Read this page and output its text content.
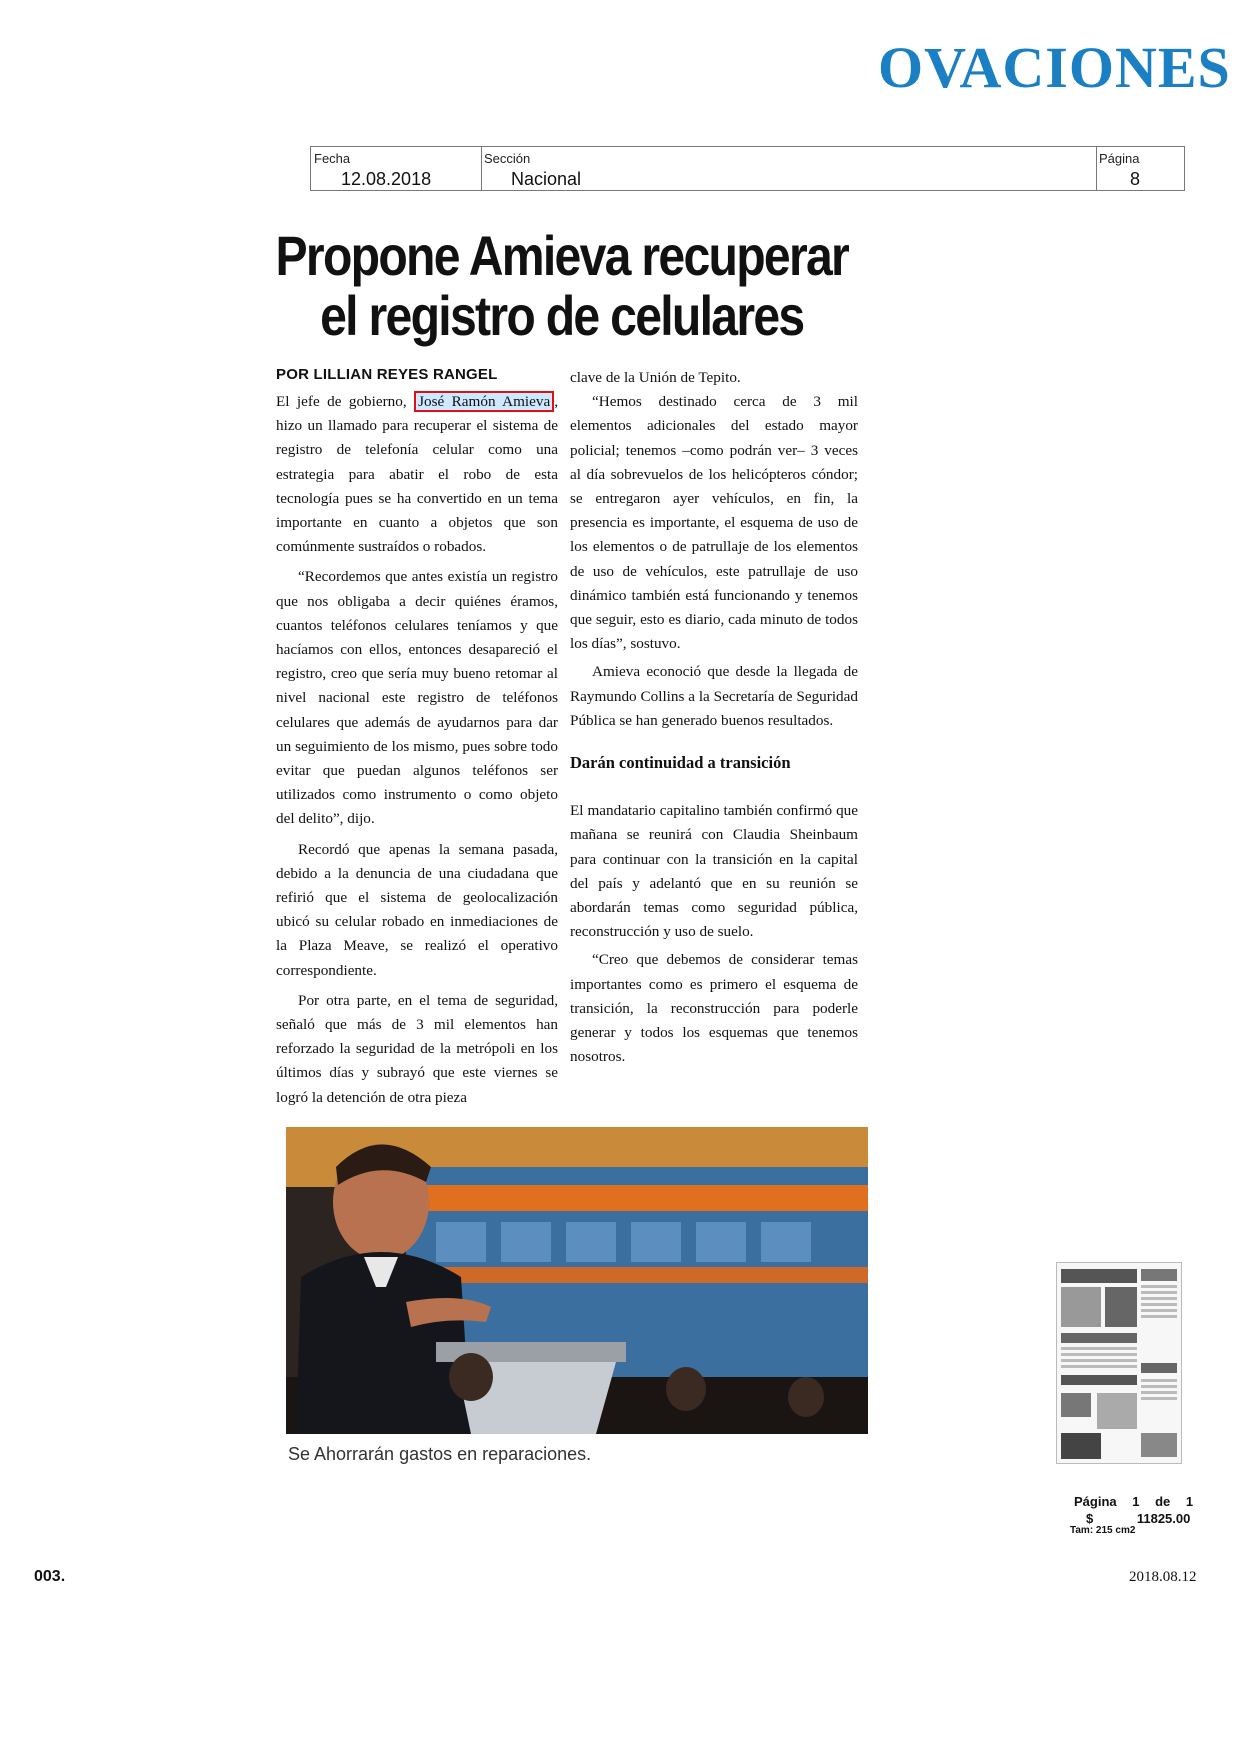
OVACIONES
Fecha
12.08.2018
Sección
Nacional
Página
8
Propone Amieva recuperar
el registro de celulares
POR LILLIAN REYES RANGEL

El jefe de gobierno, José Ramón Amieva , hizo un llamado para recuperar el sistema de registro de telefonía celular como una estrategia para abatir el robo de esta tecnología pues se ha convertido en un tema importante en cuanto a objetos que son comúnmente sustraídos o robados.

“Recordemos que antes existía un registro que nos obligaba a decir quiénes éramos, cuantos teléfonos celulares teníamos y que hacíamos con ellos, entonces desapareció el registro, creo que sería muy bueno retomar al nivel nacional este registro de teléfonos celulares que además de ayudarnos para dar un seguimiento de los mismo, pues sobre todo evitar que puedan algunos teléfonos ser utilizados como instrumento o como objeto del delito”, dijo.

Recordó que apenas la semana pasada, debido a la denuncia de una ciudadana que refirió que el sistema de geolocalización ubicó su celular robado en inmediaciones de la Plaza Meave, se realizó el operativo correspondiente.

Por otra parte, en el tema de seguridad, señaló que más de 3 mil elementos han reforzado la seguridad de la metrópoli en los últimos días y subrayó que este viernes se logró la detención de otra pieza

clave de la Unión de Tepito.

“Hemos destinado cerca de 3 mil elementos adicionales del estado mayor policial; tenemos –como podrán ver– 3 veces al día sobrevuelos de los helicópteros cóndor; se entregaron ayer vehículos, en fin, la presencia es importante, el esquema de uso de los elementos o de patrullaje de los elementos de uso de vehículos, este patrullaje de uso dinámico también está funcionando y tenemos que seguir, esto es diario, cada minuto de todos los días”, sostuvo.

Amieva econoció que desde la llegada de Raymundo Collins a la Secretaría de Seguridad Pública se han generado buenos resultados.

Darán continuidad a transición

El mandatario capitalino también confirmó que mañana se reunirá con Claudia Sheinbaum para continuar con la transición en la capital del país y adelantó que en su reunión se abordarán temas como seguridad pública, reconstrucción y uso de suelo.

“Creo que debemos de considerar temas importantes como es primero el esquema de transición, la reconstrucción para poderle generar y todos los esquemas que tenemos nosotros.

Se Ahorrarán gastos en reparaciones.
Página 1 de 1
$	11825.00
Tam: 215 cm2
003.	2018.08.12
